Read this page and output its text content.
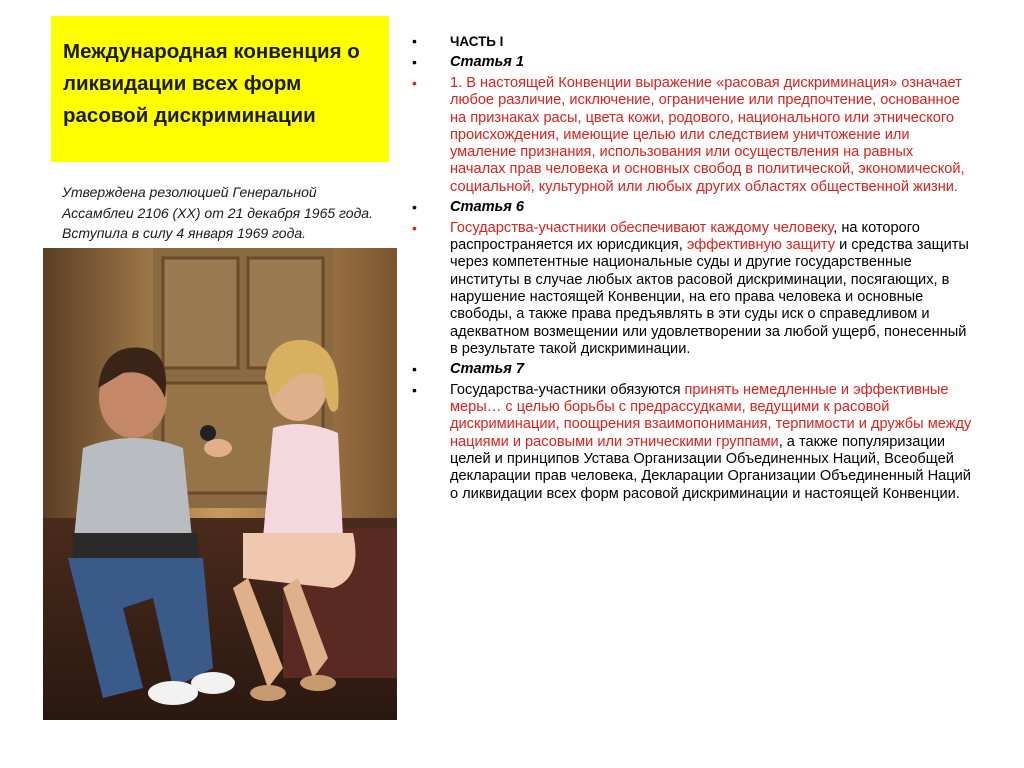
Международная конвенция о ликвидации всех форм расовой дискриминации
Утверждена резолюцией Генеральной Ассамблеи 2106 (XX) от 21 декабря 1965 года. Вступила в силу 4 января 1969 года.
• ЧАСТЬ I
• Статья 1
• 1. В настоящей Конвенции выражение «расовая дискриминация» означает любое различие, исключение, ограничение или предпочтение, основанное на признаках расы, цвета кожи, родового, национального или этнического происхождения, имеющие целью или следствием уничтожение или умаление признания, использования или осуществления на равных началах прав человека и основных свобод в политической, экономической, социальной, культурной или любых других областях общественной жизни.
• Статья 6
• Государства-участники обеспечивают каждому человеку, на которого распространяется их юрисдикция, эффективную защиту и средства защиты через компетентные национальные суды и другие государственные институты в случае любых актов расовой дискриминации, посягающих, в нарушение настоящей Конвенции, на его права человека и основные свободы, а также права предъявлять в эти суды иск о справедливом и адекватном возмещении или удовлетворении за любой ущерб, понесенный в результате такой дискриминации.
• Статья 7
• Государства-участники обязуются принять немедленные и эффективные меры… с целью борьбы с предрассудками, ведущими к расовой дискриминации, поощрения взаимопонимания, терпимости и дружбы между нациями и расовыми или этническими группами, а также популяризации целей и принципов Устава Организации Объединенных Наций, Всеобщей декларации прав человека, Декларации Организации Объединенный Наций о ликвидации всех форм расовой дискриминации и настоящей Конвенции.
